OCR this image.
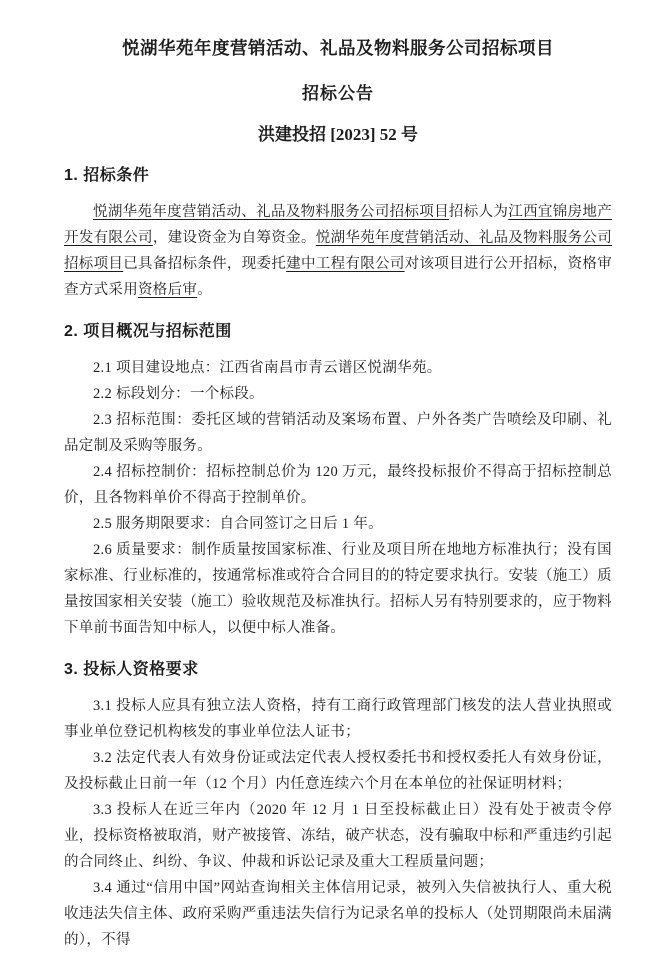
悦湖华苑年度营销活动、礼品及物料服务公司招标项目
招标公告
洪建投招 [2023] 52 号
1. 招标条件

悦湖华苑年度营销活动、礼品及物料服务公司招标项目招标人为江西宜锦房地产开发有限公司，建设资金为自筹资金。悦湖华苑年度营销活动、礼品及物料服务公司招标项目已具备招标条件，现委托建中工程有限公司对该项目进行公开招标，资格审查方式采用资格后审。

2. 项目概况与招标范围

2.1 项目建设地点：江西省南昌市青云谱区悦湖华苑。

2.2 标段划分：一个标段。

2.3 招标范围：委托区域的营销活动及案场布置、户外各类广告喷绘及印刷、礼品定制及采购等服务。

2.4 招标控制价：招标控制总价为 120 万元，最终投标报价不得高于招标控制总价，且各物料单价不得高于控制单价。

2.5 服务期限要求：自合同签订之日后 1 年。

2.6 质量要求：制作质量按国家标准、行业及项目所在地地方标准执行；没有国家标准、行业标准的，按通常标准或符合合同目的的特定要求执行。安装（施工）质量按国家相关安装（施工）验收规范及标准执行。招标人另有特别要求的，应于物料下单前书面告知中标人，以便中标人准备。

3. 投标人资格要求

3.1 投标人应具有独立法人资格，持有工商行政管理部门核发的法人营业执照或事业单位登记机构核发的事业单位法人证书；

3.2 法定代表人有效身份证或法定代表人授权委托书和授权委托人有效身份证，及投标截止日前一年（12 个月）内任意连续六个月在本单位的社保证明材料；

3.3 投标人在近三年内（2020 年 12 月 1 日至投标截止日）没有处于被责令停业，投标资格被取消，财产被接管、冻结，破产状态，没有骗取中标和严重违约引起的合同终止、纠纷、争议、仲裁和诉讼记录及重大工程质量问题；

3.4 通过“信用中国”网站查询相关主体信用记录，被列入失信被执行人、重大税收违法失信主体、政府采购严重违法失信行为记录名单的投标人（处罚期限尚未届满的），不得
